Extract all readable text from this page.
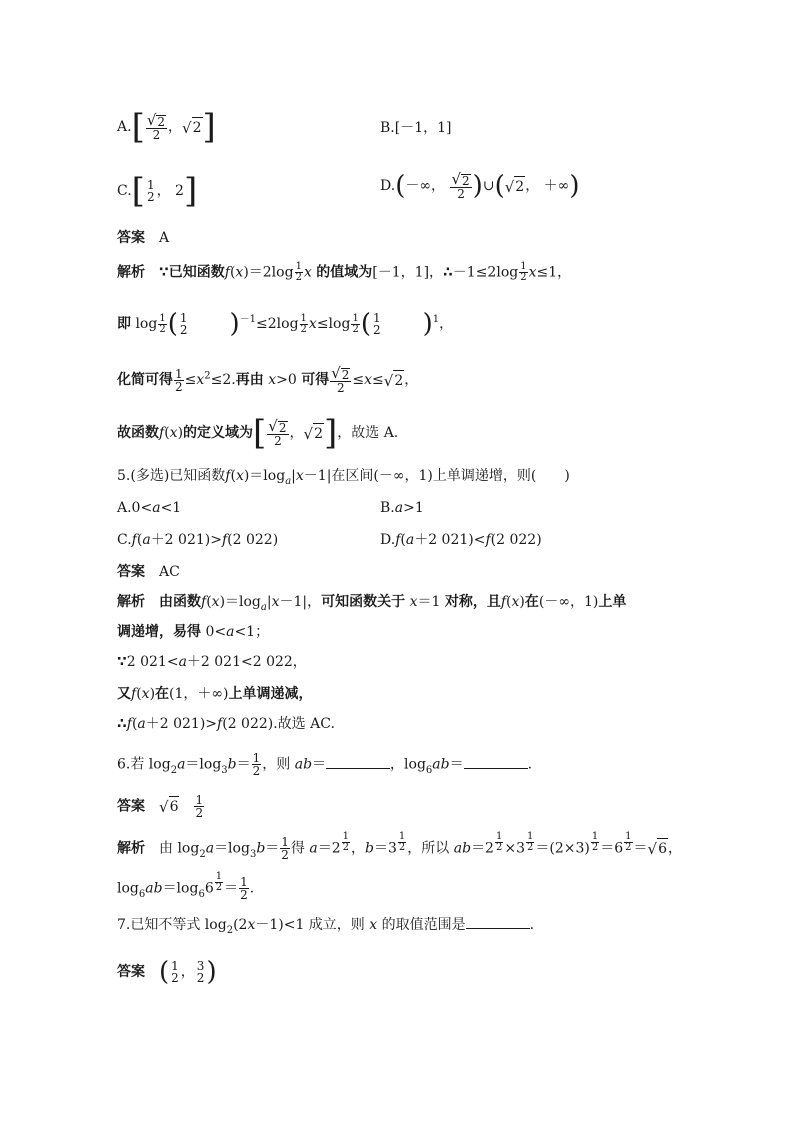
$A.[ \frac{√ 2}{2}$ ， √ 2 ]	B.[－1，1]
C.[ 1
2 ， 2]	D.(－∞， $\frac{√ 2}{2}$ )∪( √ 2 ， ＋∞)
答案 A
解析 ∵已知函数$f(x)=2\log \frac{1}{2}$ x 的值域为[－1，1]，∴－1≤2log $\frac{1}{2} x\le 1$，
即 $\log \frac{1}{2}$ ( 1
2 )$^{-1}\le 2\log \frac{1}{2} x\le\log \frac{1}{2}$ ( 1
2 )$^1$，
化简可得 $\frac{1}{2} \le x^2\le 2$.再由 x>0 可得 $\frac{√ 2}{2} \le x\le$ √ 2 ，
故函数f(x)的定义域为[ $\frac{√ 2}{2}$ ， √ 2 ]，故选 A.
5.(多选)已知函数$f(x)=\log_a|x-1|$在区间(－∞，1)上单调递增，则(　　)
A.0<a<1	B.a>1
C.f(a＋2 021)>f(2 022)	D.f(a＋2 021)<f(2 022)
答案 AC
解析 由函数$f(x)=\log_a|x-1|$，可知函数关于 x＝1 对称，且f(x)在(－∞，1)上单
调递增，易得 0<a<1；
∵2 021<a＋2 021<2 022，
又f(x)在(1，＋∞)上单调递减，
∴f(a＋2 021)>f(2 022).故选 AC.
6.若 $\log_2a=\log_3b= \frac{1}{2}$ ，则 ab＝	，$\log_6ab=$	.
答案 √ $6 \frac{1}{2}$
解析 由 $\log_2a=\log_3b= \frac{1}{2}$ 得 $a=2 \frac{1}{2}$ ，$b=3 \frac{1}{2}$ ，所以 $ab=2 \frac{1}{2} \times 3 \frac{1}{2} =(2\times 3) \frac{1}{2} =6 \frac{1}{2}$ ＝ √ 6 ，
$\log_6ab=\log_66 \frac{1}{2} = \frac{1}{2}$ .
7.已知不等式 $\log_2(2x-1)<1$ 成立，则 x 的取值范围是	.
答案 ( 1
2 ， 3
2 )
